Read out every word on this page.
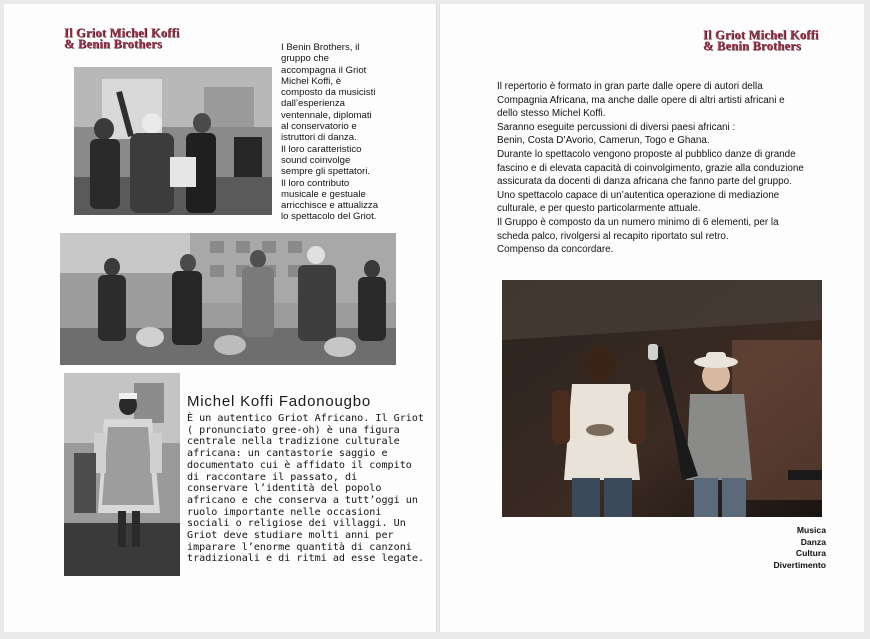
Il Griot Michel Koffi
& Benin Brothers	I Benin Brothers, il

gruppo che

accompagna il Griot

Michel Koffi, è

composto da musicisti

dall’esperienza

ventennale, diplomati

al conservatorio e

istruttori di danza.

Il loro caratteristico

sound coinvolge

sempre gli spettatori.

Il loro contributo

musicale e gestuale

arricchisce e attualizza

lo spettacolo del Griot.

Michel Koffi Fadonougbo

È un autentico Griot Africano. Il Griot

( pronunciato gree-oh) è una figura

centrale nella tradizione culturale

africana: un cantastorie saggio e

documentato cui è affidato il compito

di raccontare il passato, di

conservare l’identità del popolo

africano e che conserva a tutt’oggi un

ruolo importante nelle occasioni

sociali o religiose dei villaggi. Un

Griot deve studiare molti anni per

imparare l’enorme quantità di canzoni

tradizionali e di ritmi ad esse legate.

Il Griot Michel Koffi
& Benin Brothers

Il repertorio è formato in gran parte dalle opere di autori della

Compagnia Africana, ma anche dalle opere di altri artisti africani e

dello stesso Michel Koffi.

Saranno eseguite percussioni di diversi paesi africani :

Benin, Costa D’Avorio, Camerun, Togo e Ghana.

Durante lo spettacolo vengono proposte al pubblico danze di grande

fascino e di elevata capacità di coinvolgimento, grazie alla conduzione

assicurata da docenti di danza africana che fanno parte del gruppo.

Uno spettacolo capace di un’autentica operazione di mediazione

culturale, e per questo particolarmente attuale.

Il Gruppo è composto da un numero minimo di 6 elementi, per la

scheda palco, rivolgersi al recapito riportato sul retro.

Compenso da concordare.

Musica
Danza
Cultura
Divertimento
